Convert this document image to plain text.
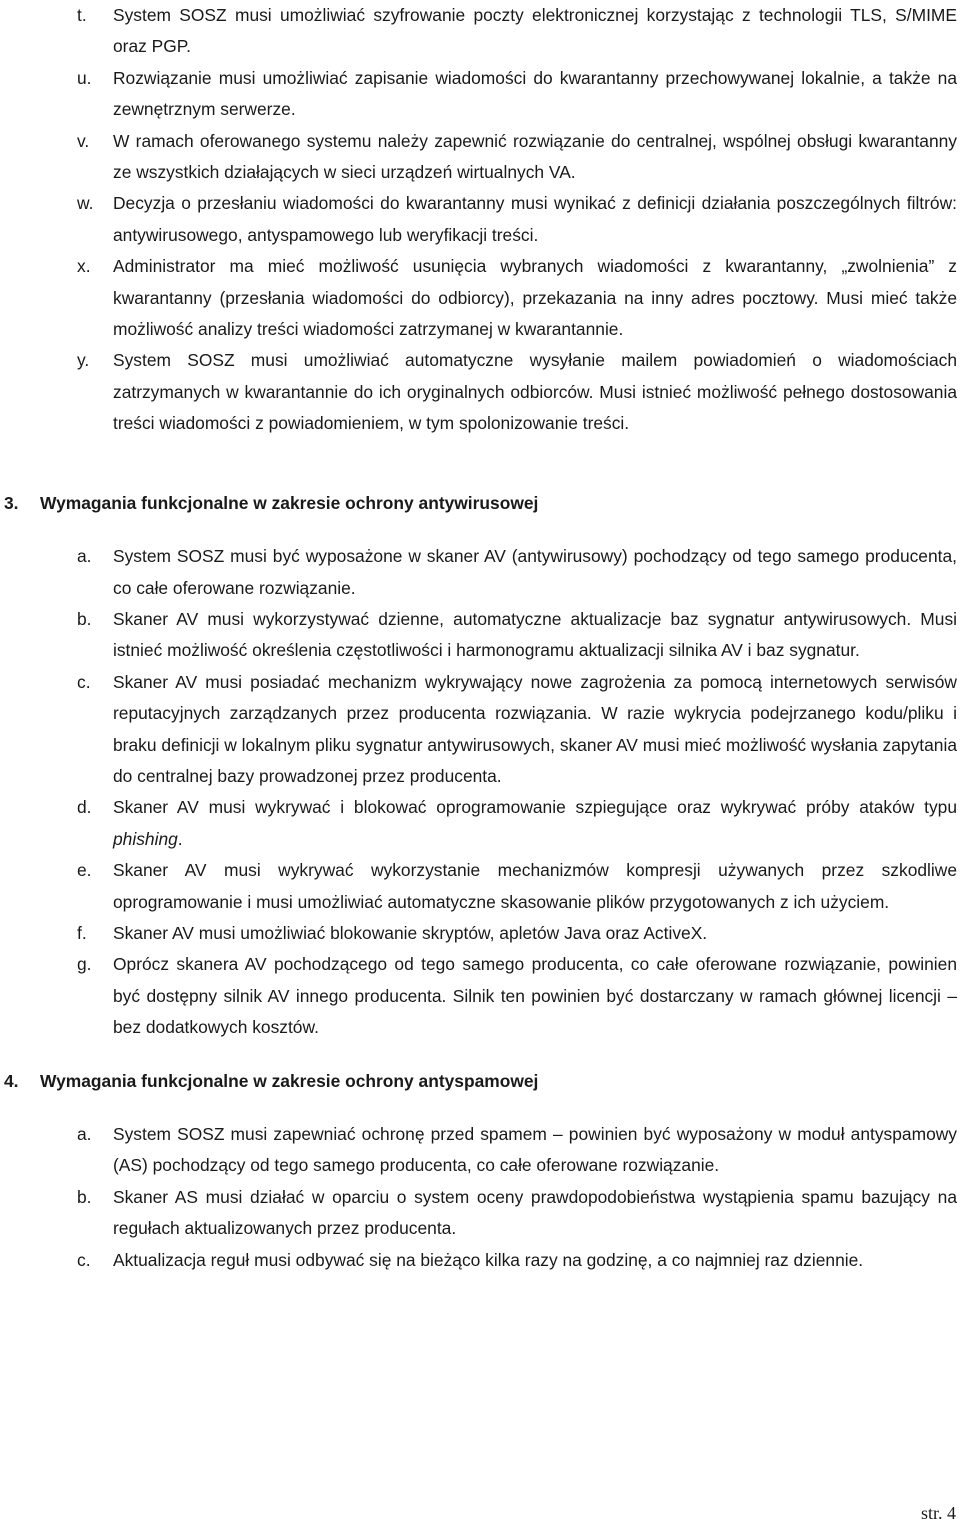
t.	System SOSZ musi umożliwiać szyfrowanie poczty elektronicznej korzystając z technologii TLS, S/MIME oraz PGP.
u.	Rozwiązanie musi umożliwiać zapisanie wiadomości do kwarantanny przechowywanej lokalnie, a także na zewnętrznym serwerze.
v.	W ramach oferowanego systemu należy zapewnić rozwiązanie do centralnej, wspólnej obsługi kwarantanny ze wszystkich działających w sieci urządzeń wirtualnych VA.
w.	Decyzja o przesłaniu wiadomości do kwarantanny musi wynikać z definicji działania poszczególnych filtrów: antywirusowego, antyspamowego lub weryfikacji treści.
x.	Administrator ma mieć możliwość usunięcia wybranych wiadomości z kwarantanny, „zwolnienia” z kwarantanny (przesłania wiadomości do odbiorcy), przekazania na inny adres pocztowy. Musi mieć także możliwość analizy treści wiadomości zatrzymanej w kwarantannie.
y.	System SOSZ musi umożliwiać automatyczne wysyłanie mailem powiadomień o wiadomościach zatrzymanych w kwarantannie do ich oryginalnych odbiorców. Musi istnieć możliwość pełnego dostosowania treści wiadomości z powiadomieniem, w tym spolonizowanie treści.
3. Wymagania funkcjonalne w zakresie ochrony antywirusowej
a.	System SOSZ musi być wyposażone w skaner AV (antywirusowy) pochodzący od tego samego producenta, co całe oferowane rozwiązanie.
b.	Skaner AV musi wykorzystywać dzienne, automatyczne aktualizacje baz sygnatur antywirusowych. Musi istnieć możliwość określenia częstotliwości i harmonogramu aktualizacji silnika AV i baz sygnatur.
c.	Skaner AV musi posiadać mechanizm wykrywający nowe zagrożenia za pomocą internetowych serwisów reputacyjnych zarządzanych przez producenta rozwiązania. W razie wykrycia podejrzanego kodu/pliku i braku definicji w lokalnym pliku sygnatur antywirusowych, skaner AV musi mieć możliwość wysłania zapytania do centralnej bazy prowadzonej przez producenta.
d.	Skaner AV musi wykrywać i blokować oprogramowanie szpiegujące oraz wykrywać próby ataków typu phishing.
e.	Skaner AV musi wykrywać wykorzystanie mechanizmów kompresji używanych przez szkodliwe oprogramowanie i musi umożliwiać automatyczne skasowanie plików przygotowanych z ich użyciem.
f.	Skaner AV musi umożliwiać blokowanie skryptów, apletów Java oraz ActiveX.
g.	Oprócz skanera AV pochodzącego od tego samego producenta, co całe oferowane rozwiązanie, powinien być dostępny silnik AV innego producenta. Silnik ten powinien być dostarczany w ramach głównej licencji – bez dodatkowych kosztów.
4. Wymagania funkcjonalne w zakresie ochrony antyspamowej
a.	System SOSZ musi zapewniać ochronę przed spamem – powinien być wyposażony w moduł antyspamowy (AS) pochodzący od tego samego producenta, co całe oferowane rozwiązanie.
b.	Skaner AS musi działać w oparciu o system oceny prawdopodobieństwa wystąpienia spamu bazujący na regułach aktualizowanych przez producenta.
c.	Aktualizacja reguł musi odbywać się na bieżąco kilka razy na godzinę, a co najmniej raz dziennie.
str. 4
